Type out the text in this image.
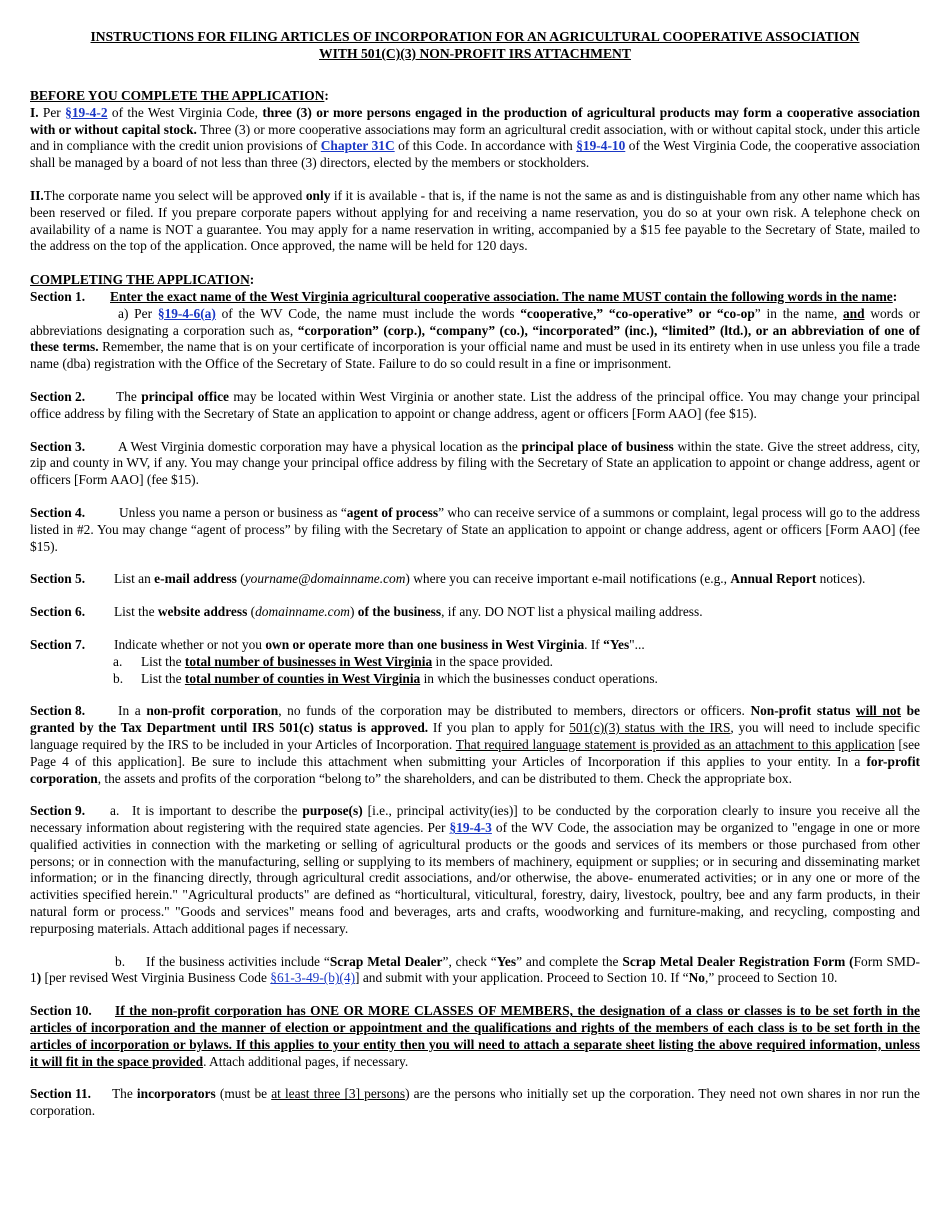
INSTRUCTIONS FOR FILING ARTICLES OF INCORPORATION FOR AN AGRICULTURAL COOPERATIVE ASSOCIATION
WITH 501(C)(3) NON-PROFIT IRS ATTACHMENT
BEFORE YOU COMPLETE THE APPLICATION:

I. Per §19-4-2 of the West Virginia Code, three (3) or more persons engaged in the production of agricultural products may form a cooperative association with or without capital stock. Three (3) or more cooperative associations may form an agricultural credit association, with or without capital stock, under this article and in compliance with the credit union provisions of Chapter 31C of this Code. In accordance with §19-4-10 of the West Virginia Code, the cooperative association shall be managed by a board of not less than three (3) directors, elected by the members or stockholders.

II.The corporate name you select will be approved only if it is available - that is, if the name is not the same as and is distinguishable from any other name which has been reserved or filed. If you prepare corporate papers without applying for and receiving a name reservation, you do so at your own risk. A telephone check on availability of a name is NOT a guarantee. You may apply for a name reservation in writing, accompanied by a $15 fee payable to the Secretary of State, mailed to the address on the top of the application. Once approved, the name will be held for 120 days.

COMPLETING THE APPLICATION:

Section 1. Enter the exact name of the West Virginia agricultural cooperative association. The name MUST contain the following words in the name:

a) Per §19-4-6(a) of the WV Code, the name must include the words “cooperative,” “co-operative” or “co-op” in the name, and words or abbreviations designating a corporation such as, “corporation” (corp.), “company” (co.), “incorporated” (inc.), “limited” (ltd.), or an abbreviation of one of these terms. Remember, the name that is on your certificate of incorporation is your official name and must be used in its entirety when in use unless you file a trade name (dba) registration with the Office of the Secretary of State. Failure to do so could result in a fine or imprisonment.

Section 2. The principal office may be located within West Virginia or another state. List the address of the principal office. You may change your principal office address by filing with the Secretary of State an application to appoint or change address, agent or officers [Form AAO] (fee $15).

Section 3. A West Virginia domestic corporation may have a physical location as the principal place of business within the state. Give the street address, city, zip and county in WV, if any. You may change your principal office address by filing with the Secretary of State an application to appoint or change address, agent or officers [Form AAO] (fee $15).

Section 4.	Unless you name a person or business as “agent of process” who can receive service of a summons or complaint, legal process will go to the address listed in #2. You may change “agent of process” by filing with the Secretary of State an application to appoint or change address, agent or officers [Form AAO] (fee $15).

Section 5. List an e-mail address (yourname@domainname.com) where you can receive important e-mail notifications (e.g., Annual Report notices).

Section 6. List the website address (domainname.com) of the business, if any. DO NOT list a physical mailing address.

Section 7. Indicate whether or not you own or operate more than one business in West Virginia. If “Yes"...

a. List the total number of businesses in West Virginia in the space provided.

b. List the total number of counties in West Virginia in which the businesses conduct operations.

Section 8. In a non-profit corporation, no funds of the corporation may be distributed to members, directors or officers. Non-profit status will not be granted by the Tax Department until IRS 501(c) status is approved. If you plan to apply for 501(c)(3) status with the IRS, you will need to include specific language required by the IRS to be included in your Articles of Incorporation. That required language statement is provided as an attachment to this application [see Page 4 of this application]. Be sure to include this attachment when submitting your Articles of Incorporation if this applies to your entity. In a for-profit corporation, the assets and profits of the corporation “belong to” the shareholders, and can be distributed to them. Check the appropriate box.

Section 9. a. It is important to describe the purpose(s) [i.e., principal activity(ies)] to be conducted by the corporation clearly to insure you receive all the necessary information about registering with the required state agencies. Per §19-4-3 of the WV Code, the association may be organized to "engage in one or more qualified activities in connection with the marketing or selling of agricultural products or the goods and services of its members or those purchased from other persons; or in connection with the manufacturing, selling or supplying to its members of machinery, equipment or supplies; or in securing and disseminating market information; or in the financing directly, through agricultural credit associations, and/or otherwise, the above- enumerated activities; or in any one or more of the activities specified herein." "Agricultural products" are defined as “horticultural, viticultural, forestry, dairy, livestock, poultry, bee and any farm products, in their natural form or process." "Goods and services" means food and beverages, arts and crafts, woodworking and furniture-making, and recycling, composting and repurposing materials. Attach additional pages if necessary.

b. If the business activities include “Scrap Metal Dealer”, check “Yes” and complete the Scrap Metal Dealer Registration Form (Form SMD-1) [per revised West Virginia Business Code §61-3-49-(b)(4)] and submit with your application. Proceed to Section 10. If “No,” proceed to Section 10.

Section 10. If the non-profit corporation has ONE OR MORE CLASSES OF MEMBERS, the designation of a class or classes is to be set forth in the articles of incorporation and the manner of election or appointment and the qualifications and rights of the members of each class is to be set forth in the articles of incorporation or bylaws. If this applies to your entity then you will need to attach a separate sheet listing the above required information, unless it will fit in the space provided. Attach additional pages, if necessary.

Section 11. The incorporators (must be at least three [3] persons) are the persons who initially set up the corporation. They need not own shares in nor run the corporation.
